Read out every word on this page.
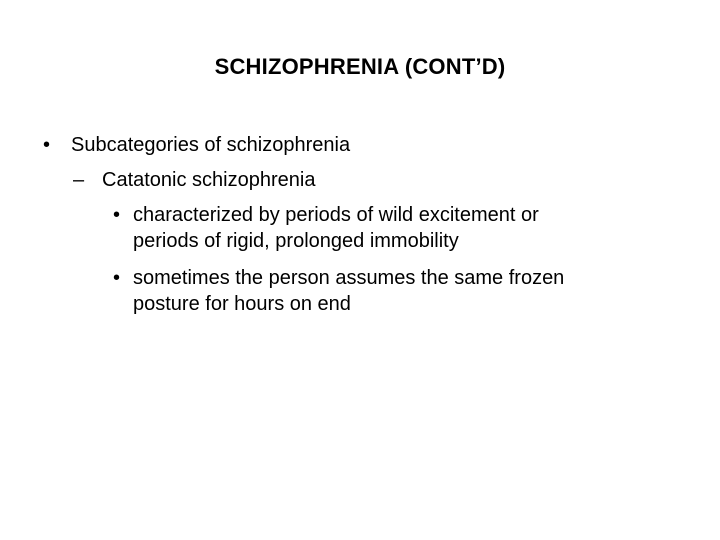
SCHIZOPHRENIA (CONT’D)
• Subcategories of schizophrenia
– Catatonic schizophrenia
• characterized by periods of wild excitement or
periods of rigid, prolonged immobility
• sometimes the person assumes the same frozen
posture for hours on end
